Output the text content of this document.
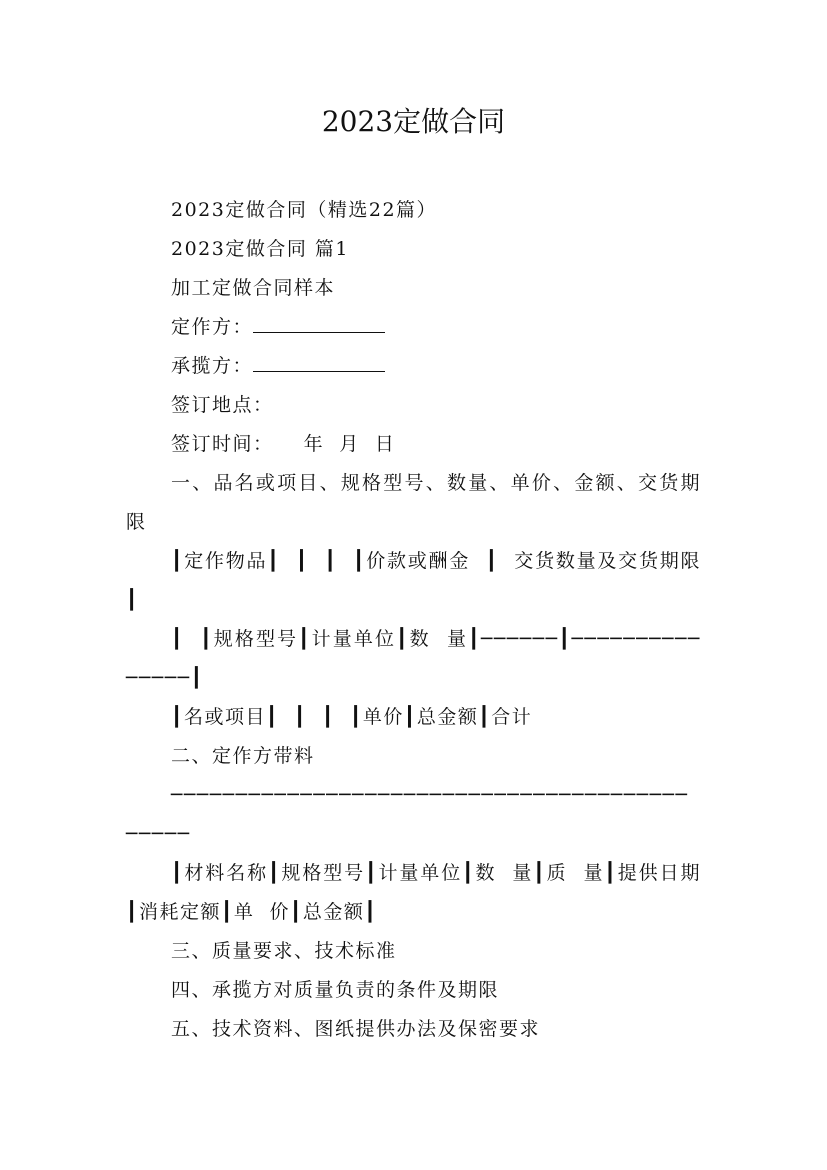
2023定做合同

2023定做合同（精选22篇）

2023定做合同 篇1

加工定做合同样本

定作方：

承揽方：

签订地点：

签订时间：    年  月  日

一、品名或项目、规格型号、数量、单价、金额、交货期限

┃定作物品┃  ┃  ┃  ┃价款或酬金  ┃  交货数量及交货期限  ┃

┃  ┃规格型号┃计量单位┃数  量┃──────┃───────────────┃

┃名或项目┃  ┃  ┃  ┃单价┃总金额┃合计

二、定作方带料

─────────────────────────────────────────────

┃材料名称┃规格型号┃计量单位┃数  量┃质  量┃提供日期┃消耗定额┃单  价┃总金额┃

三、质量要求、技术标准

四、承揽方对质量负责的条件及期限

五、技术资料、图纸提供办法及保密要求
